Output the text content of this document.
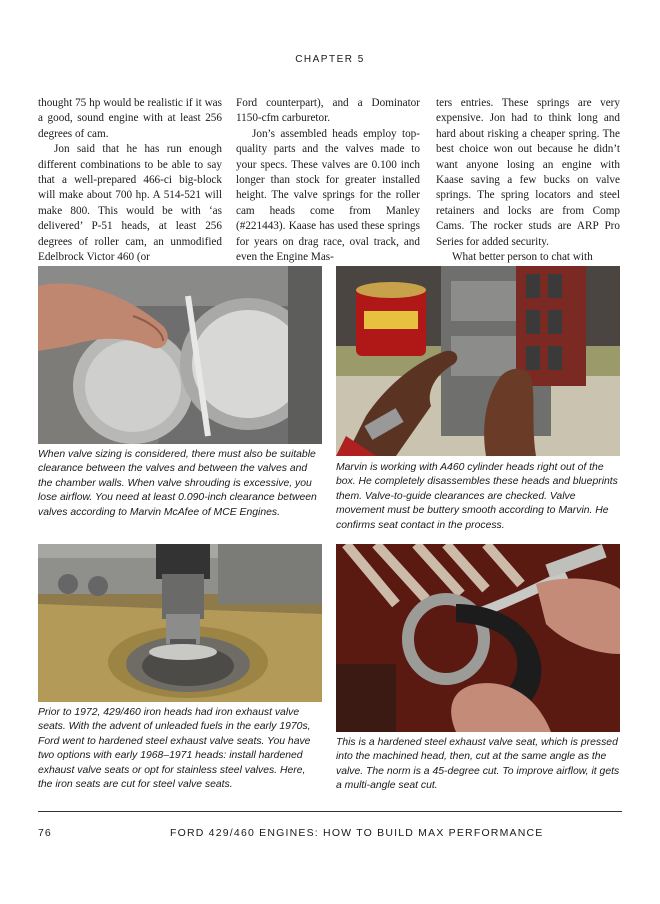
CHAPTER 5

thought 75 hp would be realistic if it was a good, sound engine with at least 256 degrees of cam.

Jon said that he has run enough different combinations to be able to say that a well-prepared 466-ci big-block will make about 700 hp. A 514-521 will make 800. This would be with ‘as delivered’ P-51 heads, at least 256 degrees of roller cam, an unmodified Edelbrock Victor 460 (or

Ford counterpart), and a Dominator 1150-cfm carburetor.

Jon’s assembled heads employ top-quality parts and the valves made to your specs. These valves are 0.100 inch longer than stock for greater installed height. The valve springs for the roller cam heads come from Manley (#221443). Kaase has used these springs for years on drag race, oval track, and even the Engine Mas-

ters entries. These springs are very expensive. Jon had to think long and hard about risking a cheaper spring. The best choice won out because he didn’t want anyone losing an engine with Kaase saving a few bucks on valve springs. The spring locators and steel retainers and locks are from Comp Cams. The rocker studs are ARP Pro Series for added security.

What better person to chat with

When valve sizing is considered, there must also be suitable clearance between the valves and between the valves and the chamber walls. When valve shrouding is excessive, you lose airflow. You need at least 0.090-inch clearance between valves according to Marvin McAfee of MCE Engines.
Marvin is working with A460 cylinder heads right out of the box. He completely disassembles these heads and blueprints them. Valve-to-guide clearances are checked. Valve movement must be buttery smooth according to Marvin. He confirms seat contact in the process.
Prior to 1972, 429/460 iron heads had iron exhaust valve seats. With the advent of unleaded fuels in the early 1970s, Ford went to hardened steel exhaust valve seats. You have two options with early 1968–1971 heads: install hardened exhaust valve seats or opt for stainless steel valves. Here, the iron seats are cut for steel valve seats.
This is a hardened steel exhaust valve seat, which is pressed into the machined head, then, cut at the same angle as the valve. The norm is a 45-degree cut. To improve airflow, it gets a multi-angle seat cut.
76	FORD 429/460 ENGINES: HOW TO BUILD MAX PERFORMANCE
